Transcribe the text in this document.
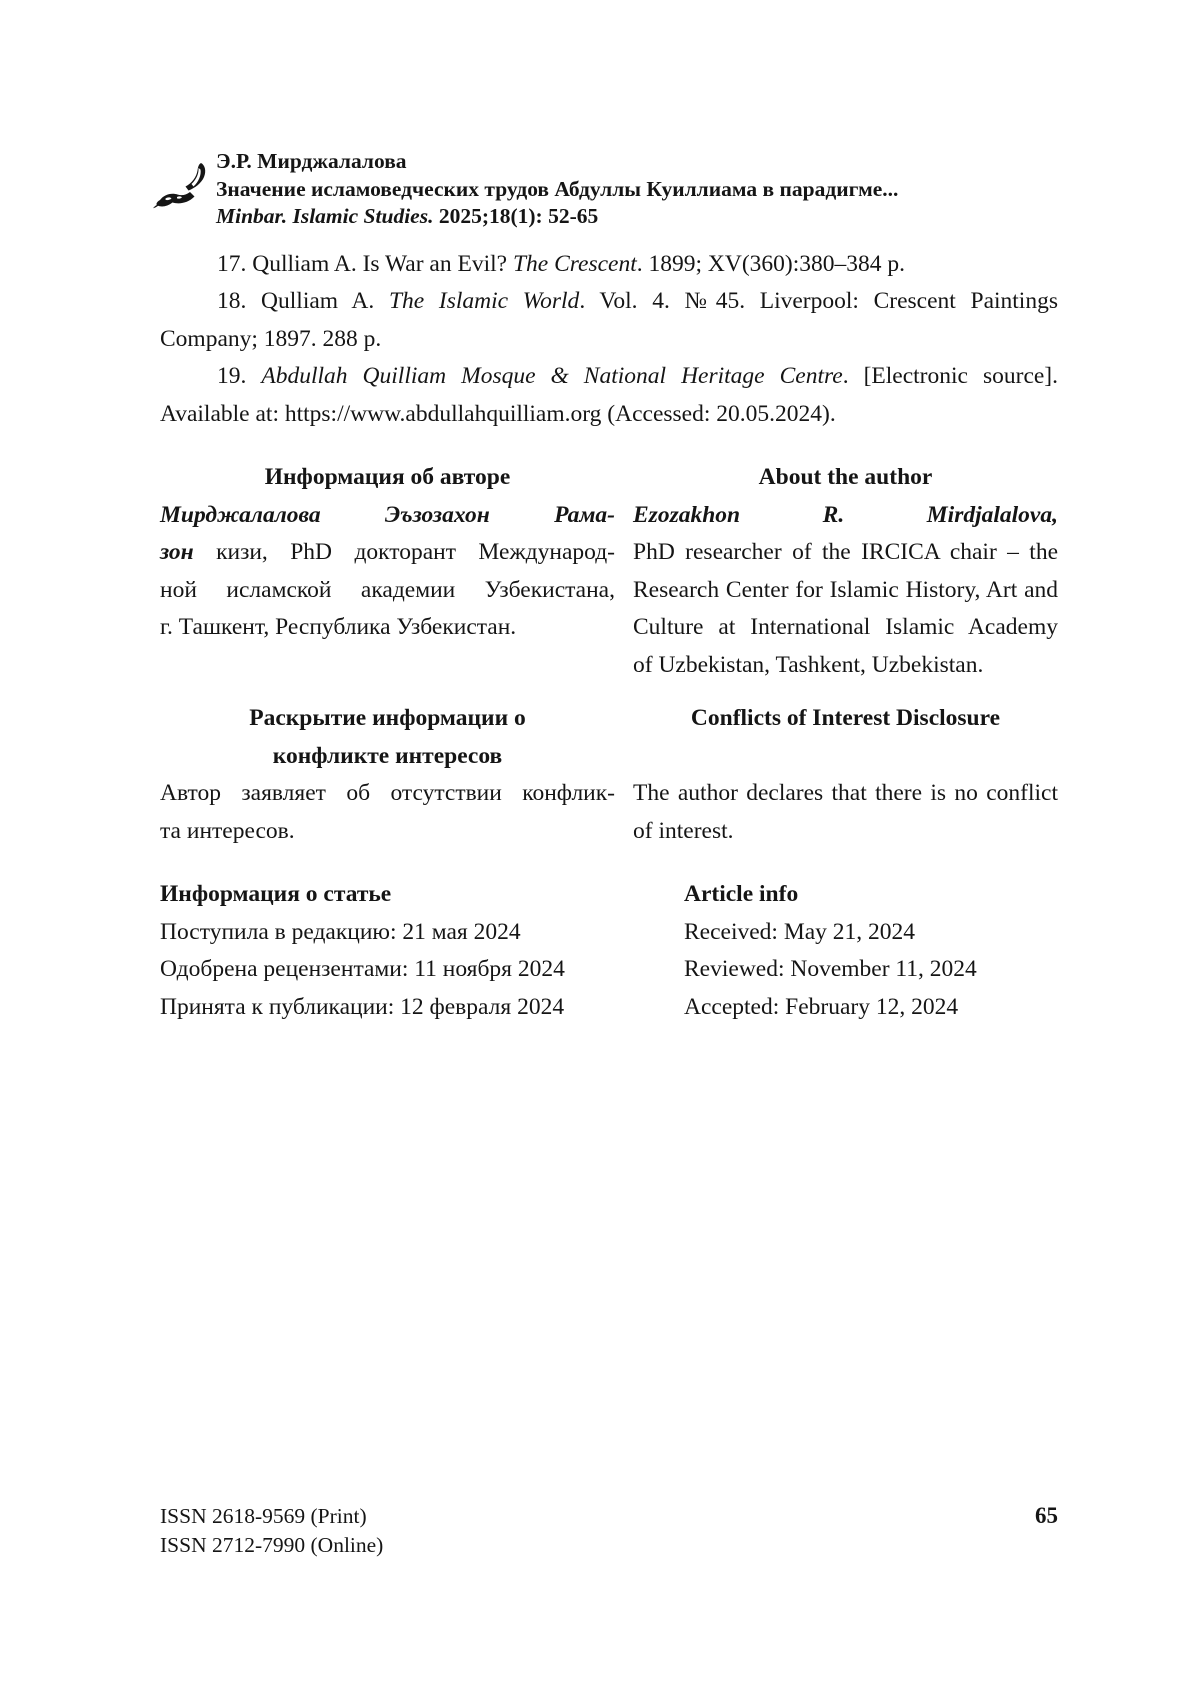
Э.Р. Мирджалалова
Значение исламоведческих трудов Абдуллы Куиллиама в парадигме...
Minbar. Islamic Studies. 2025;18(1): 52-65
17. Qulliam A. Is War an Evil? The Crescent. 1899; XV(360):380–384 p.
18. Qulliam A. The Islamic World. Vol. 4. №45. Liverpool: Crescent Paintings
Company; 1897. 288 p.
19. Abdullah Quilliam Mosque & National Heritage Centre. [Electronic source].
Available at: https://www.abdullahquilliam.org (Accessed: 20.05.2024).
Информация об авторе	About the author
Мирджалалова Эъзозахон Рама-
зон кизи, PhD докторант Международ-
ной исламской академии Узбекистана,
г. Ташкент, Республика Узбекистан.
Ezozakhon R. Mirdjalalova,
PhD researcher of the IRCICA chair – the
Research Center for Islamic History, Art and
Culture at International Islamic Academy
of Uzbekistan, Tashkent, Uzbekistan.
Раскрытие информации о
конфликте интересов
Conflicts of Interest Disclosure
Автор заявляет об отсутствии конфлик-
та интересов.
The author declares that there is no conflict
of interest.
Информация о статье
Поступила в редакцию: 21 мая 2024
Одобрена рецензентами: 11 ноября 2024
Принята к публикации: 12 февраля 2024
Article info
Received: May 21, 2024
Reviewed: November 11, 2024
Accepted: February 12, 2024
ISSN 2618-9569 (Print)
ISSN 2712-7990 (Online)
65
